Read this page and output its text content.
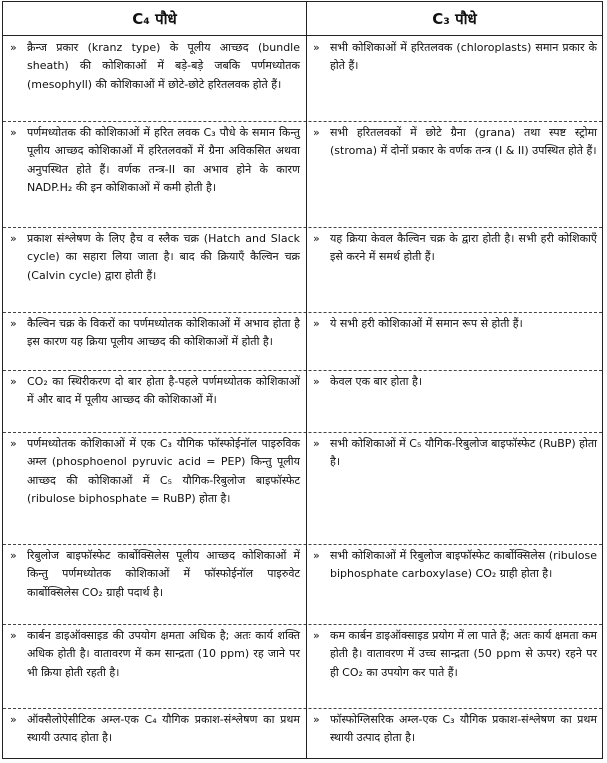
C₄ पौधे	C₃ पौधे
» क्रैन्ज प्रकार (kranz type) के पूलीय आच्छद (bundle sheath) की कोशिकाओं में बड़े-बड़े जबकि पर्णमध्योतक (mesophyll) की कोशिकाओं में छोटे-छोटे हरितलवक होते हैं।
» सभी कोशिकाओं में हरितलवक (chloroplasts) समान प्रकार के होते हैं।
» पर्णमध्योतक की कोशिकाओं में हरित लवक C₃ पौधे के समान किन्तु पूलीय आच्छद कोशिकाओं में हरितलवकों में ग्रैना अविकसित अथवा अनुपस्थित होते हैं। वर्णक तन्त्र-II का अभाव होने के कारण NADP.H₂ की इन कोशिकाओं में कमी होती है।
» सभी हरितलवकों में छोटे ग्रैना (grana) तथा स्पष्ट स्ट्रोमा (stroma) में दोनों प्रकार के वर्णक तन्त्र (I & II) उपस्थित होते हैं।
» प्रकाश संश्लेषण के लिए हैच व स्लैक चक्र (Hatch and Slack cycle) का सहारा लिया जाता है। बाद की क्रियाएँ कैल्विन चक्र (Calvin cycle) द्वारा होती हैं।
» यह क्रिया केवल कैल्विन चक्र के द्वारा होती है। सभी हरी कोशिकाएँ इसे करने में समर्थ होती हैं।
» कैल्विन चक्र के विकरों का पर्णमध्योतक कोशिकाओं में अभाव होता है इस कारण यह क्रिया पूलीय आच्छद की कोशिकाओं में होती है।
» ये सभी हरी कोशिकाओं में समान रूप से होती हैं।
» CO₂ का स्थिरीकरण दो बार होता है-पहले पर्णमध्योतक कोशिकाओं में और बाद में पूलीय आच्छद की कोशिकाओं में।
» केवल एक बार होता है।
» पर्णमध्योतक कोशिकाओं में एक C₃ यौगिक फॉस्फोईनॉल पाइरुविक अम्ल (phosphoenol pyruvic acid = PEP) किन्तु पूलीय आच्छद की कोशिकाओं में C₅ यौगिक-रिबुलोज बाइफॉस्फेट (ribulose biphosphate = RuBP) होता है।
» सभी कोशिकाओं में C₅ यौगिक-रिबुलोज बाइफॉस्फेट (RuBP) होता है।
» रिबुलोज बाइफॉस्फेट कार्बोक्सिलेस पूलीय आच्छद कोशिकाओं में किन्तु पर्णमध्योतक कोशिकाओं में फॉस्फोईनॉल पाइरुवेट कार्बोक्सिलेस CO₂ ग्राही पदार्थ है।
» सभी कोशिकाओं में रिबुलोज बाइफॉस्फेट कार्बोक्सिलेस (ribulose biphosphate carboxylase) CO₂ ग्राही होता है।
» कार्बन डाइऑक्साइड की उपयोग क्षमता अधिक है; अतः कार्य शक्ति अधिक होती है। वातावरण में कम सान्द्रता (10 ppm) रह जाने पर भी क्रिया होती रहती है।
» कम कार्बन डाइऑक्साइड प्रयोग में ला पाते हैं; अतः कार्य क्षमता कम होती है। वातावरण में उच्च सान्द्रता (50 ppm से ऊपर) रहने पर ही CO₂ का उपयोग कर पाते हैं।
» ऑक्सैलोऐसीटिक अम्ल-एक C₄ यौगिक प्रकाश-संश्लेषण का प्रथम स्थायी उत्पाद होता है।
» फॉस्फोग्लिसरिक अम्ल-एक C₃ यौगिक प्रकाश-संश्लेषण का प्रथम स्थायी उत्पाद होता है।
